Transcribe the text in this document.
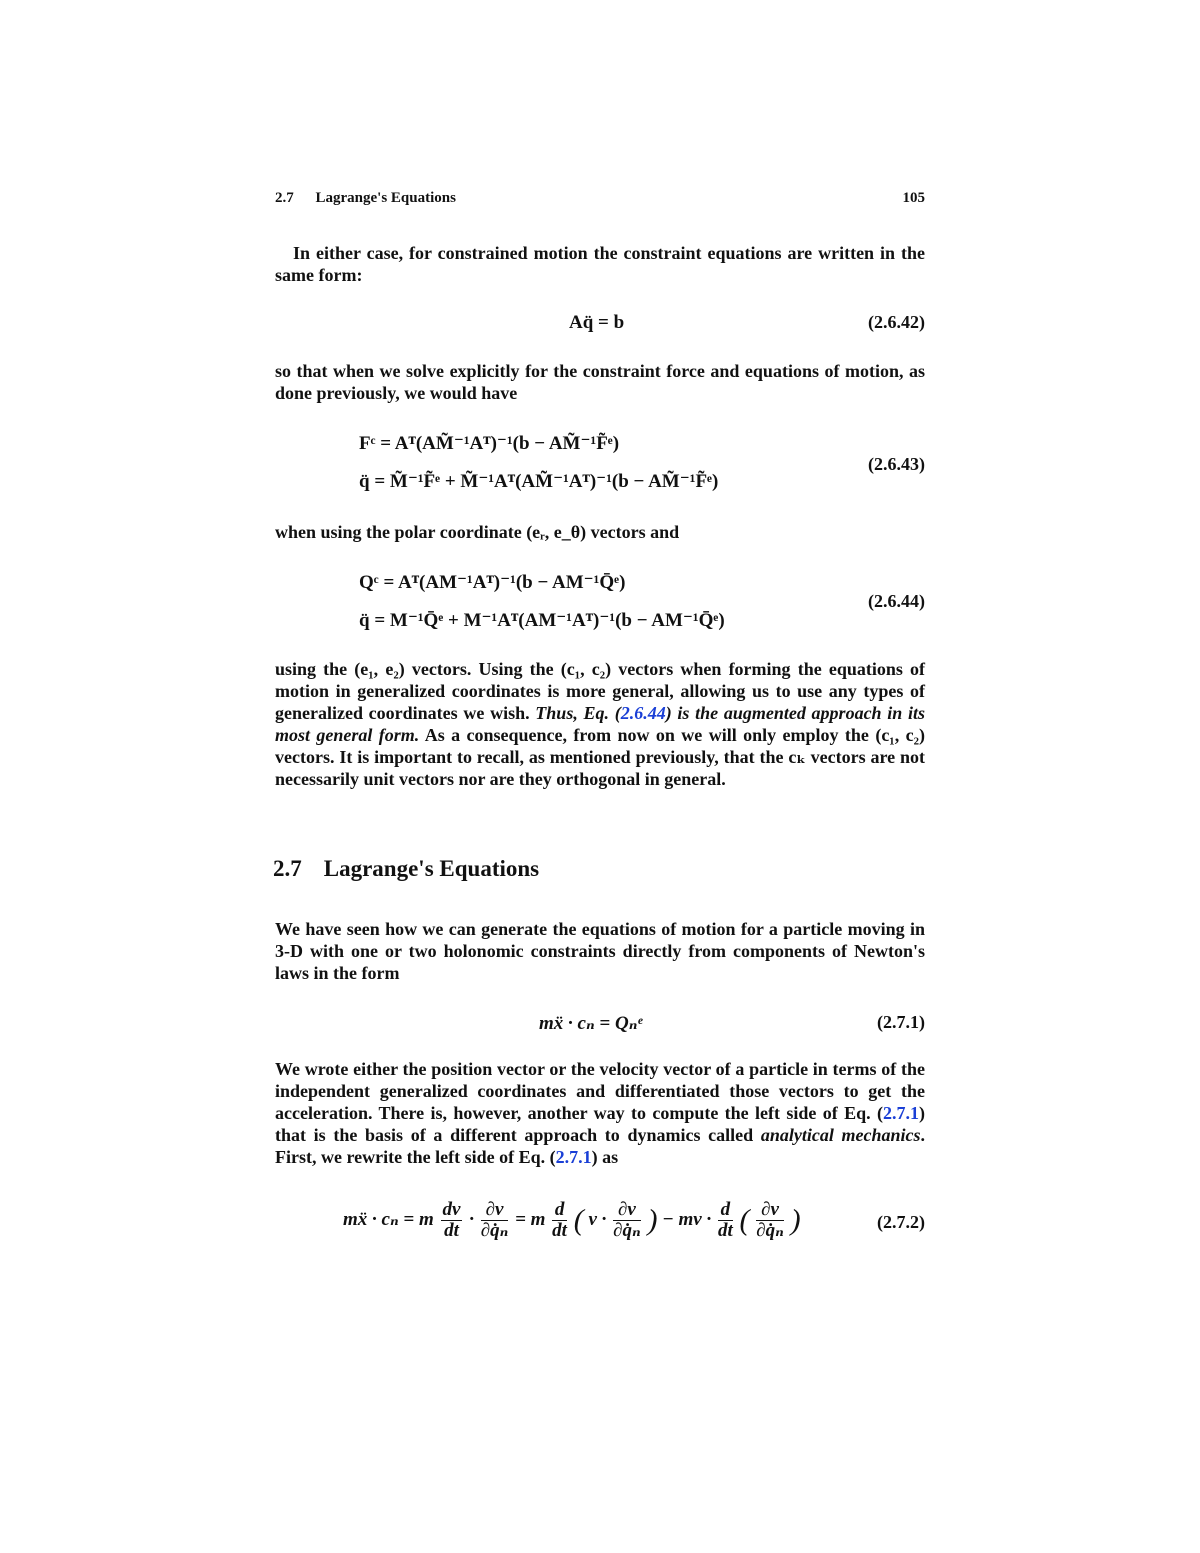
2.7 Lagrange's Equations	105

In either case, for constrained motion the constraint equations are written in the same form:

Aq̈ = b	(2.6.42)

so that when we solve explicitly for the constraint force and equations of motion, as done previously, we would have

Fᶜ = Aᵀ(AM̃⁻¹Aᵀ)⁻¹(b − AM̃⁻¹F̃ᵉ)
q̈ = M̃⁻¹F̃ᵉ + M̃⁻¹Aᵀ(AM̃⁻¹Aᵀ)⁻¹(b − AM̃⁻¹F̃ᵉ)
(2.6.43)

when using the polar coordinate (eᵣ, e_θ) vectors and

Qᶜ = Aᵀ(AM⁻¹Aᵀ)⁻¹(b − AM⁻¹Q̄ᵉ)
q̈ = M⁻¹Q̄ᵉ + M⁻¹Aᵀ(AM⁻¹Aᵀ)⁻¹(b − AM⁻¹Q̄ᵉ)
(2.6.44)

using the (e₁, e₂) vectors. Using the (c₁, c₂) vectors when forming the equations of motion in generalized coordinates is more general, allowing us to use any types of generalized coordinates we wish. Thus, Eq. (2.6.44) is the augmented approach in its most general form. As a consequence, from now on we will only employ the (c₁, c₂) vectors. It is important to recall, as mentioned previously, that the cₖ vectors are not necessarily unit vectors nor are they orthogonal in general.

2.7 Lagrange's Equations

We have seen how we can generate the equations of motion for a particle moving in 3-D with one or two holonomic constraints directly from components of Newton's laws in the form

mẍ · cₙ = Qₙᵉ	(2.7.1)

We wrote either the position vector or the velocity vector of a particle in terms of the independent generalized coordinates and differentiated those vectors to get the acceleration. There is, however, another way to compute the left side of Eq. (2.7.1) that is the basis of a different approach to dynamics called analytical mechanics. First, we rewrite the left side of Eq. (2.7.1) as

mẍ · cₙ = m $\frac{dv}{dt} \cdot \frac{\partial v}{\text{∂q̇ₙ}} = m \frac{d}{dt}$ ( $v \cdot \frac{\partial v}{\text{∂q̇ₙ}}$ ) − mv · $\frac{d}{dt}$ ( $\frac{\partial v}{\text{∂q̇ₙ}}$ )	(2.7.2)
